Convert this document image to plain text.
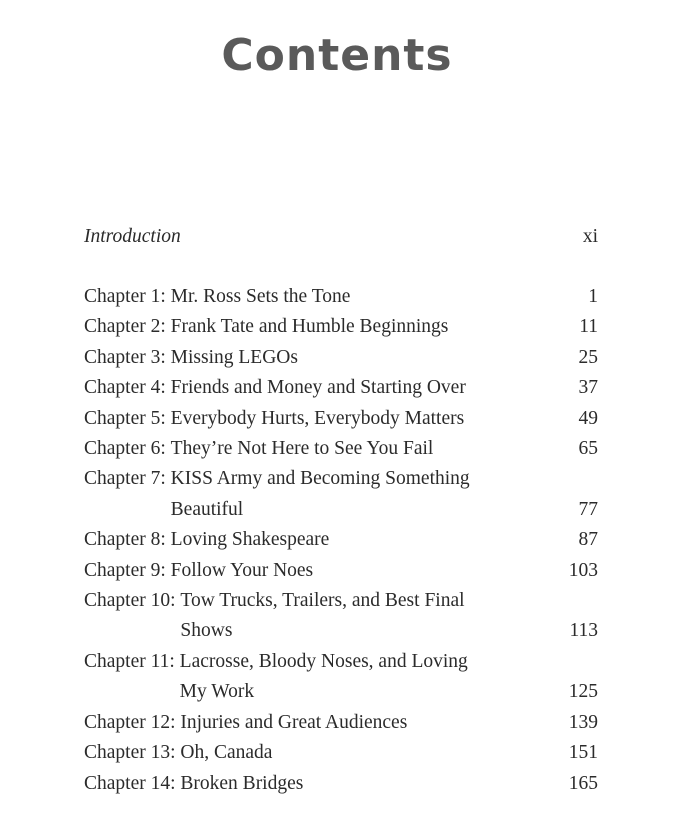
Contents
Introduction	xi
Chapter 1: Mr. Ross Sets the Tone	1
Chapter 2: Frank Tate and Humble Beginnings	11
Chapter 3: Missing LEGOs	25
Chapter 4: Friends and Money and Starting Over	37
Chapter 5: Everybody Hurts, Everybody Matters	49
Chapter 6: They’re Not Here to See You Fail	65
Chapter 7: KISS Army and Becoming Something Beautiful	77
Chapter 8: Loving Shakespeare	87
Chapter 9: Follow Your Noes	103
Chapter 10: Tow Trucks, Trailers, and Best Final Shows	113
Chapter 11: Lacrosse, Bloody Noses, and Loving My Work	125
Chapter 12: Injuries and Great Audiences	139
Chapter 13: Oh, Canada	151
Chapter 14: Broken Bridges	165
